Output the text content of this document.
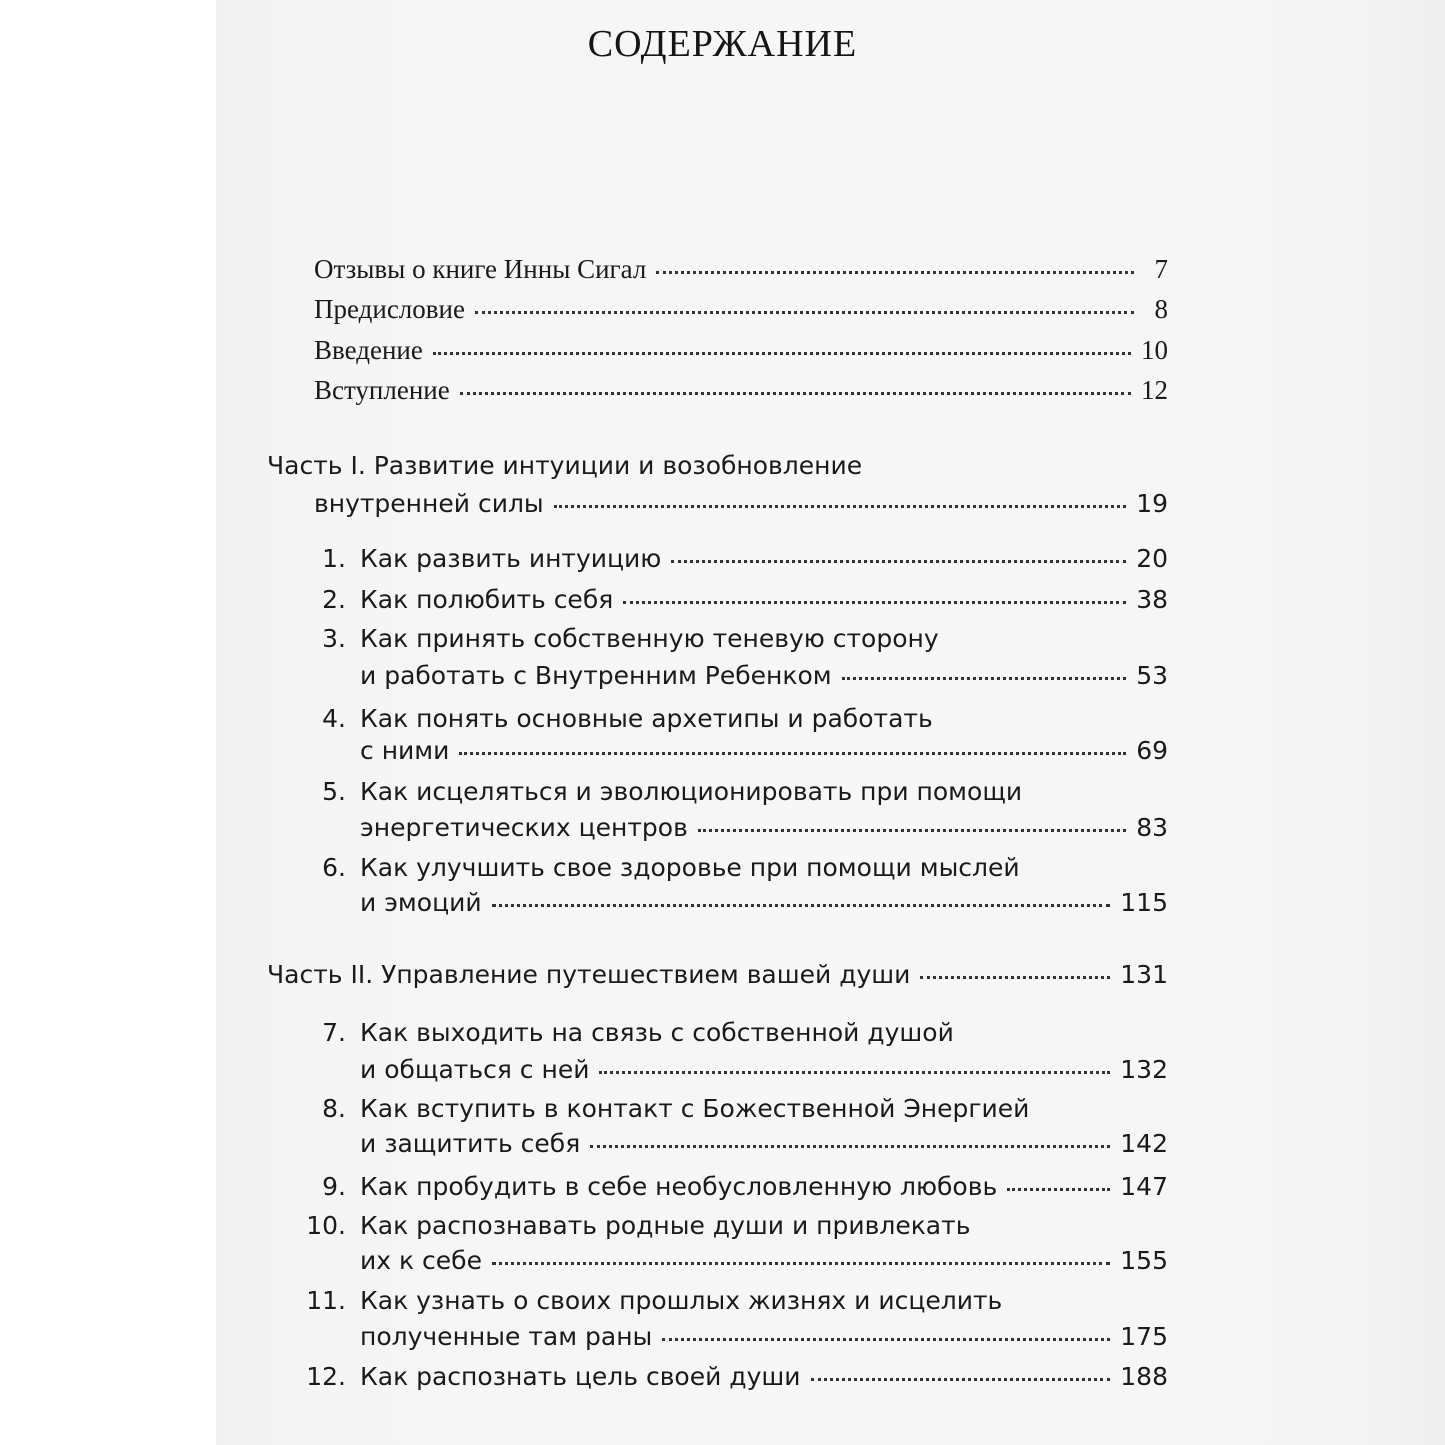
СОДЕРЖАНИЕ
Отзывы о книге Инны Сигал	7
Предисловие	8
Введение	10
Вступление	12
Часть I. Развитие интуиции и возобновление
внутренней силы	19
1. Как развить интуицию	20
2. Как полюбить себя	38
3. Как принять собственную теневую сторону
и работать с Внутренним Ребенком	53
4. Как понять основные архетипы и работать
с ними	69
5. Как исцеляться и эволюционировать при помощи
энергетических центров	83
6. Как улучшить свое здоровье при помощи мыслей
и эмоций	115
Часть II. Управление путешествием вашей души	131
7. Как выходить на связь с собственной душой
и общаться с ней	132
8. Как вступить в контакт с Божественной Энергией
и защитить себя	142
9. Как пробудить в себе необусловленную любовь	147
10. Как распознавать родные души и привлекать
их к себе	155
11. Как узнать о своих прошлых жизнях и исцелить
полученные там раны	175
12. Как распознать цель своей души	188
